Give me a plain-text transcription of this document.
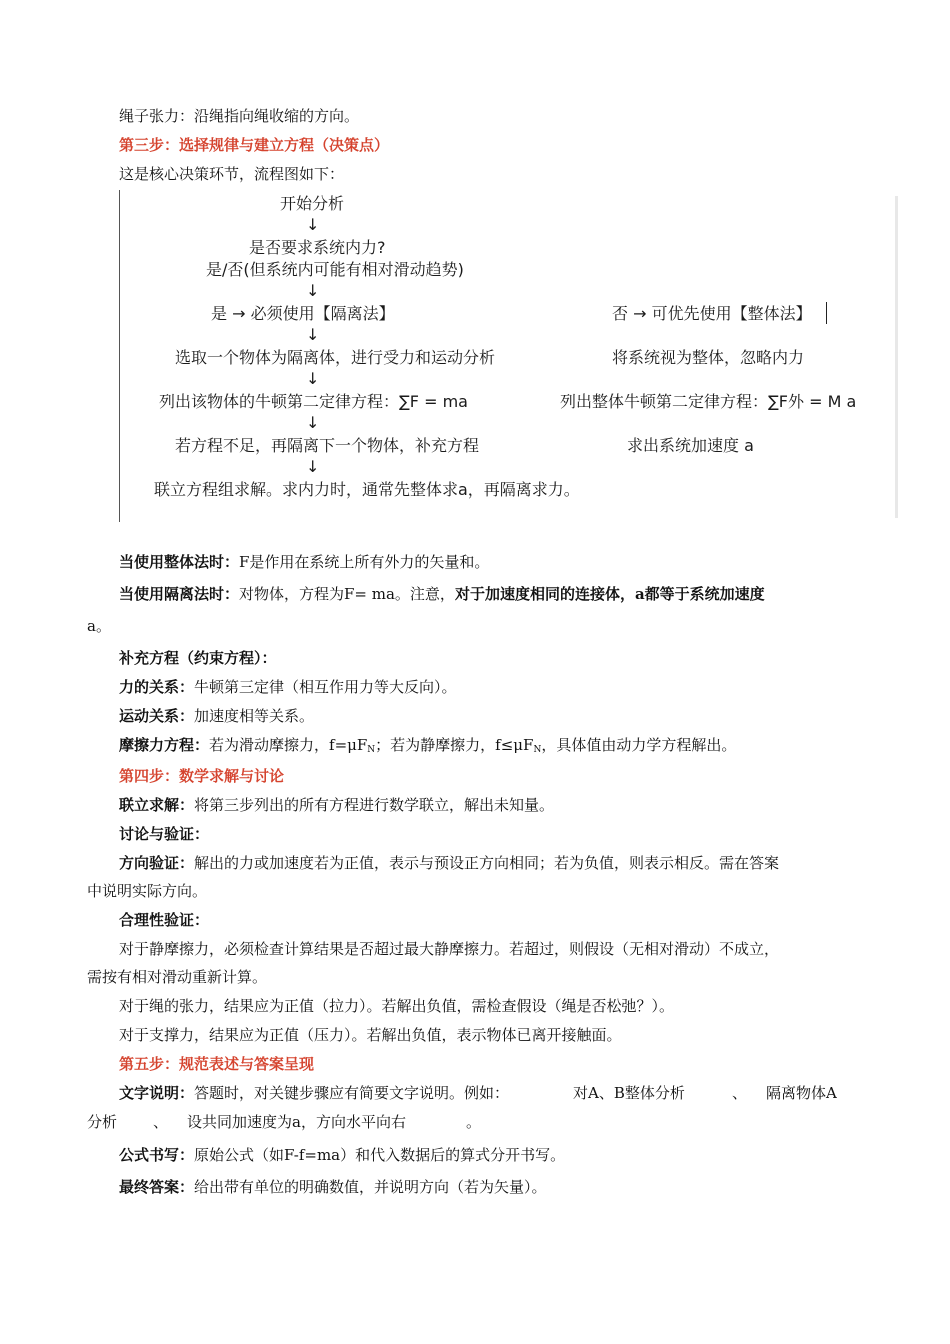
绳子张力：沿绳指向绳收缩的方向。
第三步：选择规律与建立方程（决策点）
这是核心决策环节，流程图如下：
开始分析
↓
是否要求系统内力?
是/否(但系统内可能有相对滑动趋势)
↓
是 → 必须使用【隔离法】	否 → 可优先使用【整体法】
↓
选取一个物体为隔离体，进行受力和运动分析	将系统视为整体，忽略内力
↓
列出该物体的牛顿第二定律方程：∑F = ma	列出整体牛顿第二定律方程：∑F外 = M a
↓
若方程不足，再隔离下一个物体，补充方程	求出系统加速度 a
↓
联立方程组求解。求内力时，通常先整体求a，再隔离求力。
当使用整体法时：F是作用在系统上所有外力的矢量和。
当使用隔离法时：对物体，方程为F= ma。注意，对于加速度相同的连接体，a都等于系统加速度
a。
补充方程（约束方程）：
力的关系：牛顿第三定律（相互作用力等大反向）。
运动关系：加速度相等关系。
摩擦力方程：若为滑动摩擦力，$f=\mu F_N$；若为静摩擦力，$f\le\mu F_N$，具体值由动力学方程解出。
第四步：数学求解与讨论
联立求解：将第三步列出的所有方程进行数学联立，解出未知量。
讨论与验证：
方向验证：解出的力或加速度若为正值，表示与预设正方向相同；若为负值，则表示相反。需在答案
中说明实际方向。
合理性验证：
对于静摩擦力，必须检查计算结果是否超过最大静摩擦力。若超过，则假设（无相对滑动）不成立，
需按有相对滑动重新计算。
对于绳的张力，结果应为正值（拉力）。若解出负值，需检查假设（绳是否松弛？）。
对于支撑力，结果应为正值（压力）。若解出负值，表示物体已离开接触面。
第五步：规范表述与答案呈现
文字说明：答题时，对关键步骤应有简要文字说明。例如：	对A、B整体分析	、 隔离物体A
分析 、 设共同加速度为a，方向水平向右	。
公式书写：原始公式（如F-f=ma）和代入数据后的算式分开书写。
最终答案：给出带有单位的明确数值，并说明方向（若为矢量）。
